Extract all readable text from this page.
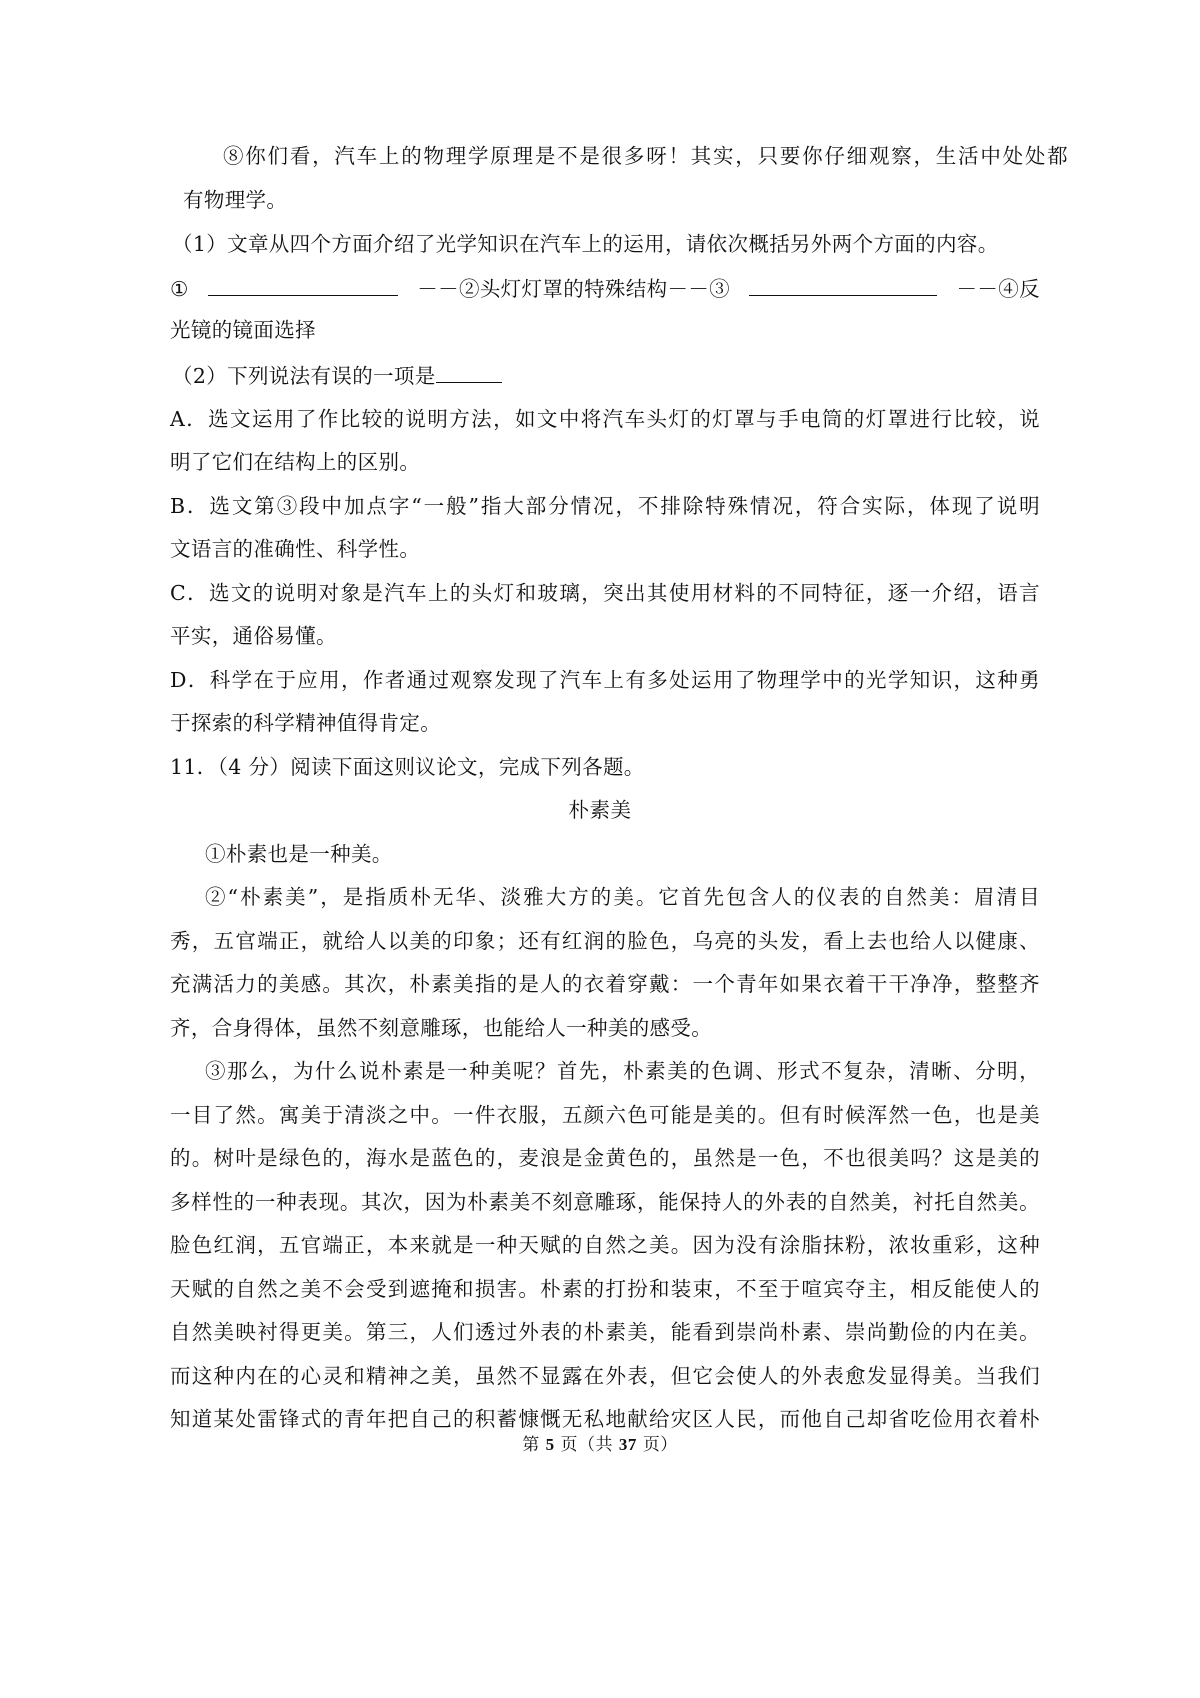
⑧你们看，汽车上的物理学原理是不是很多呀！其实，只要你仔细观察，生活中处处都
有物理学。
（1）文章从四个方面介绍了光学知识在汽车上的运用，请依次概括另外两个方面的内容。
①	－－②头灯灯罩的特殊结构－－③	－－④反
光镜的镜面选择
（2）下列说法有误的一项是
A．选文运用了作比较的说明方法，如文中将汽车头灯的灯罩与手电筒的灯罩进行比较，说
明了它们在结构上的区别。
B．选文第③段中加点字“一般”指大部分情况，不排除特殊情况，符合实际，体现了说明
文语言的准确性、科学性。
C．选文的说明对象是汽车上的头灯和玻璃，突出其使用材料的不同特征，逐一介绍，语言
平实，通俗易懂。
D．科学在于应用，作者通过观察发现了汽车上有多处运用了物理学中的光学知识，这种勇
于探索的科学精神值得肯定。
11．（4 分）阅读下面这则议论文，完成下列各题。
朴素美
①朴素也是一种美。
②“朴素美”，是指质朴无华、淡雅大方的美。它首先包含人的仪表的自然美：眉清目
秀，五官端正，就给人以美的印象；还有红润的脸色，乌亮的头发，看上去也给人以健康、
充满活力的美感。其次，朴素美指的是人的衣着穿戴：一个青年如果衣着干干净净，整整齐
齐，合身得体，虽然不刻意雕琢，也能给人一种美的感受。
③那么，为什么说朴素是一种美呢？首先，朴素美的色调、形式不复杂，清晰、分明，
一目了然。寓美于清淡之中。一件衣服，五颜六色可能是美的。但有时候浑然一色，也是美
的。树叶是绿色的，海水是蓝色的，麦浪是金黄色的，虽然是一色，不也很美吗？这是美的
多样性的一种表现。其次，因为朴素美不刻意雕琢，能保持人的外表的自然美，衬托自然美。
脸色红润，五官端正，本来就是一种天赋的自然之美。因为没有涂脂抹粉，浓妆重彩，这种
天赋的自然之美不会受到遮掩和损害。朴素的打扮和装束，不至于喧宾夺主，相反能使人的
自然美映衬得更美。第三，人们透过外表的朴素美，能看到崇尚朴素、崇尚勤俭的内在美。
而这种内在的心灵和精神之美，虽然不显露在外表，但它会使人的外表愈发显得美。当我们
知道某处雷锋式的青年把自己的积蓄慷慨无私地献给灾区人民，而他自己却省吃俭用衣着朴
第 5 页（共 37 页）
